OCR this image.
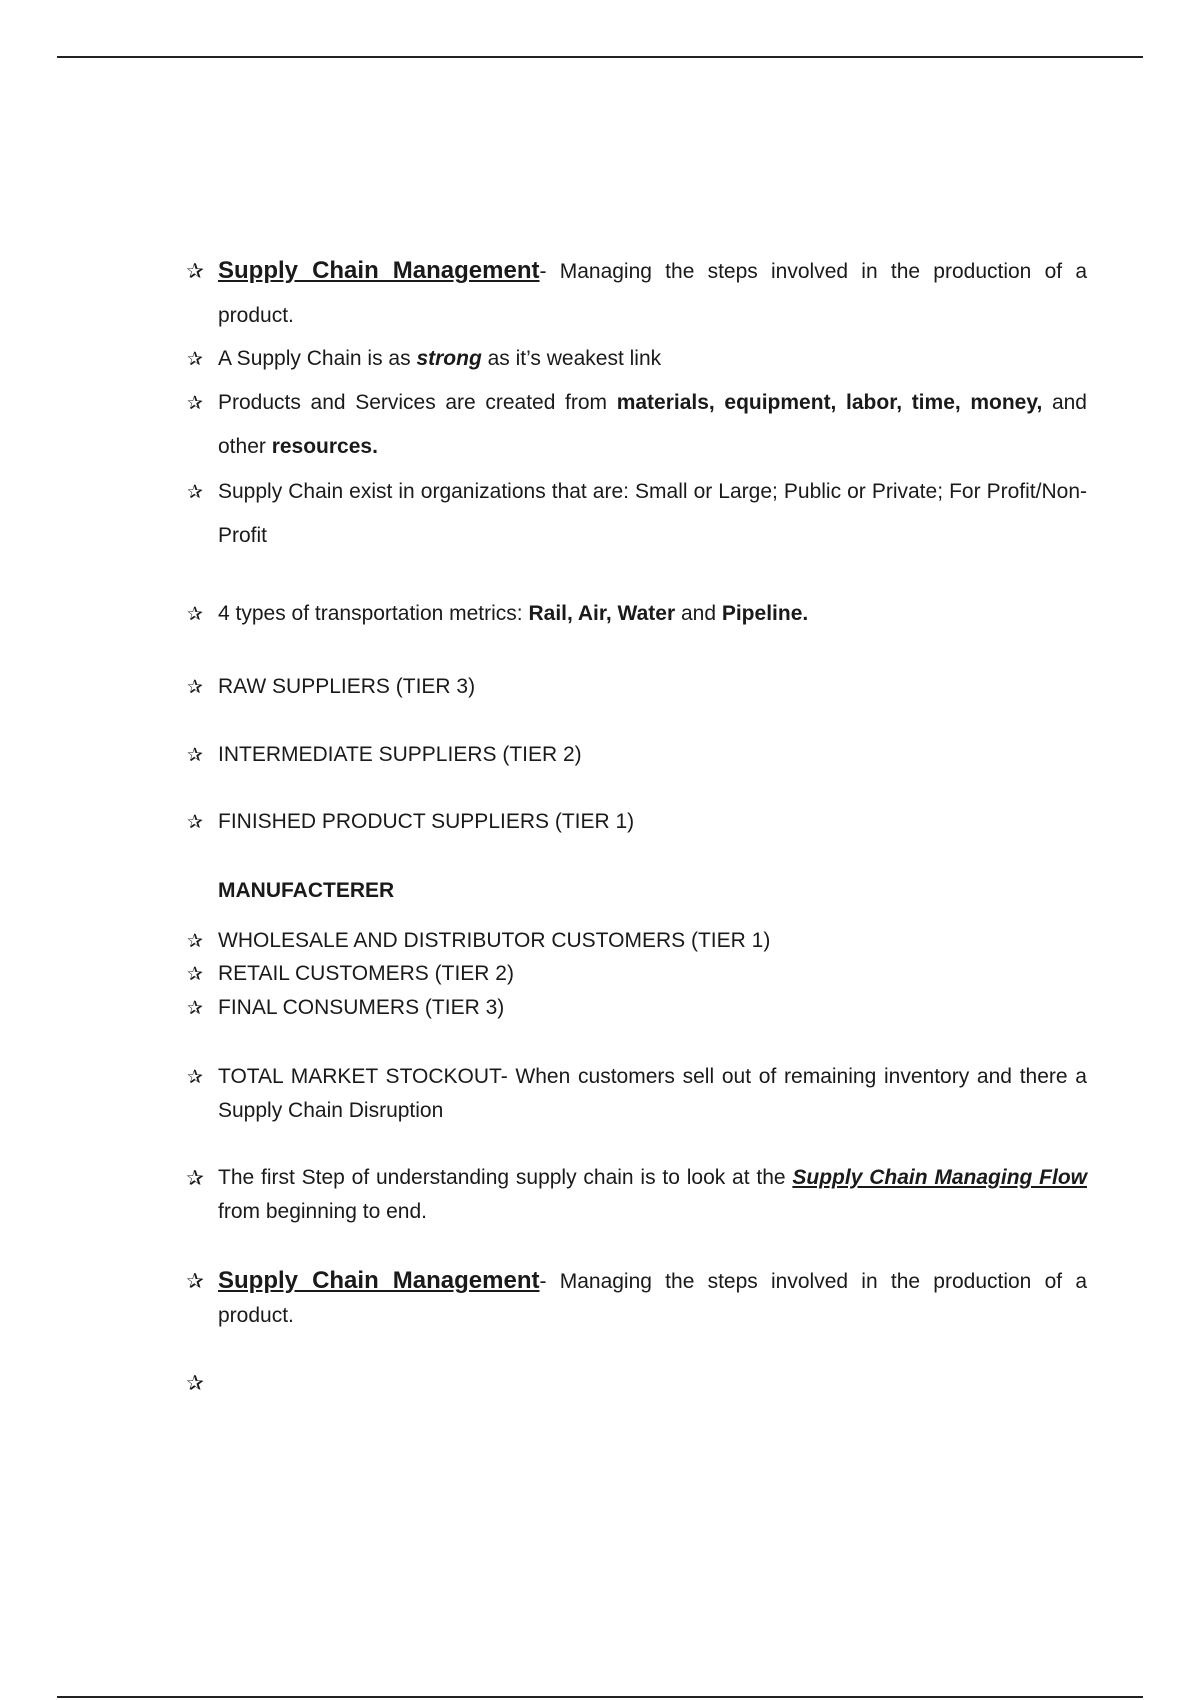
✰ Supply Chain Management- Managing the steps involved in the production of a product.
✰ A Supply Chain is as strong as it’s weakest link
✰ Products and Services are created from materials, equipment, labor, time, money, and other resources.
✰ Supply Chain exist in organizations that are: Small or Large; Public or Private; For Profit/Non-Profit
✰ 4 types of transportation metrics: Rail, Air, Water and Pipeline.
✰ RAW SUPPLIERS (TIER 3)
✰ INTERMEDIATE SUPPLIERS (TIER 2)
✰ FINISHED PRODUCT SUPPLIERS (TIER 1)
MANUFACTERER
✰ WHOLESALE AND DISTRIBUTOR CUSTOMERS (TIER 1)
✰ RETAIL CUSTOMERS (TIER 2)
✰ FINAL CONSUMERS (TIER 3)
✰ TOTAL MARKET STOCKOUT- When customers sell out of remaining inventory and there a Supply Chain Disruption
✰ The first Step of understanding supply chain is to look at the Supply Chain Managing Flow from beginning to end.
✰ Supply Chain Management- Managing the steps involved in the production of a product.
✰
